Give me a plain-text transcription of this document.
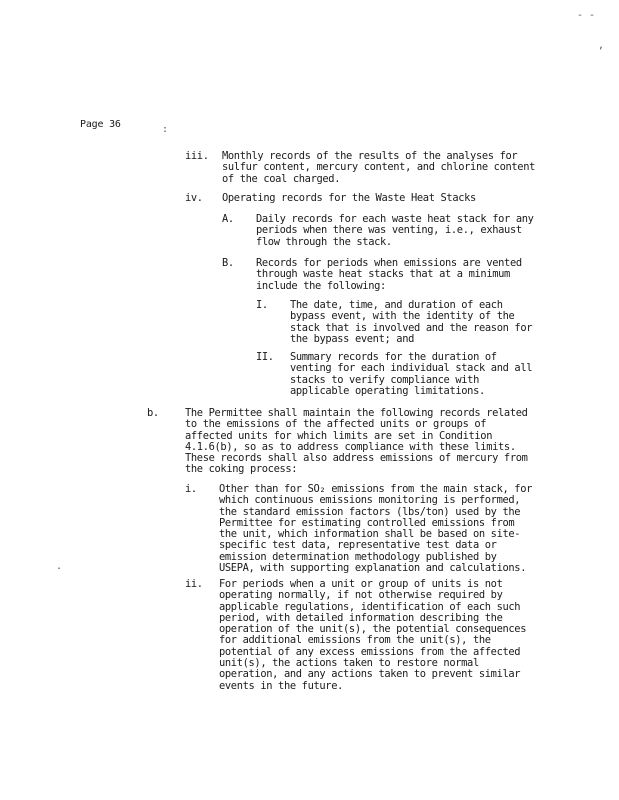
- -
,
:
Page 36
iii. Monthly records of the results of the analyses for
sulfur content, mercury content, and chlorine content
of the coal charged.
iv. Operating records for the Waste Heat Stacks
A. Daily records for each waste heat stack for any
periods when there was venting, i.e., exhaust
flow through the stack.
B. Records for periods when emissions are vented
through waste heat stacks that at a minimum
include the following:
I. The date, time, and duration of each
bypass event, with the identity of the
stack that is involved and the reason for
the bypass event; and
II. Summary records for the duration of
venting for each individual stack and all
stacks to verify compliance with
applicable operating limitations.
b.	The Permittee shall maintain the following records related
to the emissions of the affected units or groups of
affected units for which limits are set in Condition
4.1.6(b), so as to address compliance with these limits.
These records shall also address emissions of mercury from
the coking process:
i. Other than for SO₂ emissions from the main stack, for
which continuous emissions monitoring is performed,
the standard emission factors (lbs/ton) used by the
Permittee for estimating controlled emissions from
the unit, which information shall be based on site-
specific test data, representative test data or
emission determination methodology published by
USEPA, with supporting explanation and calculations.
.
ii. For periods when a unit or group of units is not
operating normally, if not otherwise required by
applicable regulations, identification of each such
period, with detailed information describing the
operation of the unit(s), the potential consequences
for additional emissions from the unit(s), the
potential of any excess emissions from the affected
unit(s), the actions taken to restore normal
operation, and any actions taken to prevent similar
events in the future.
